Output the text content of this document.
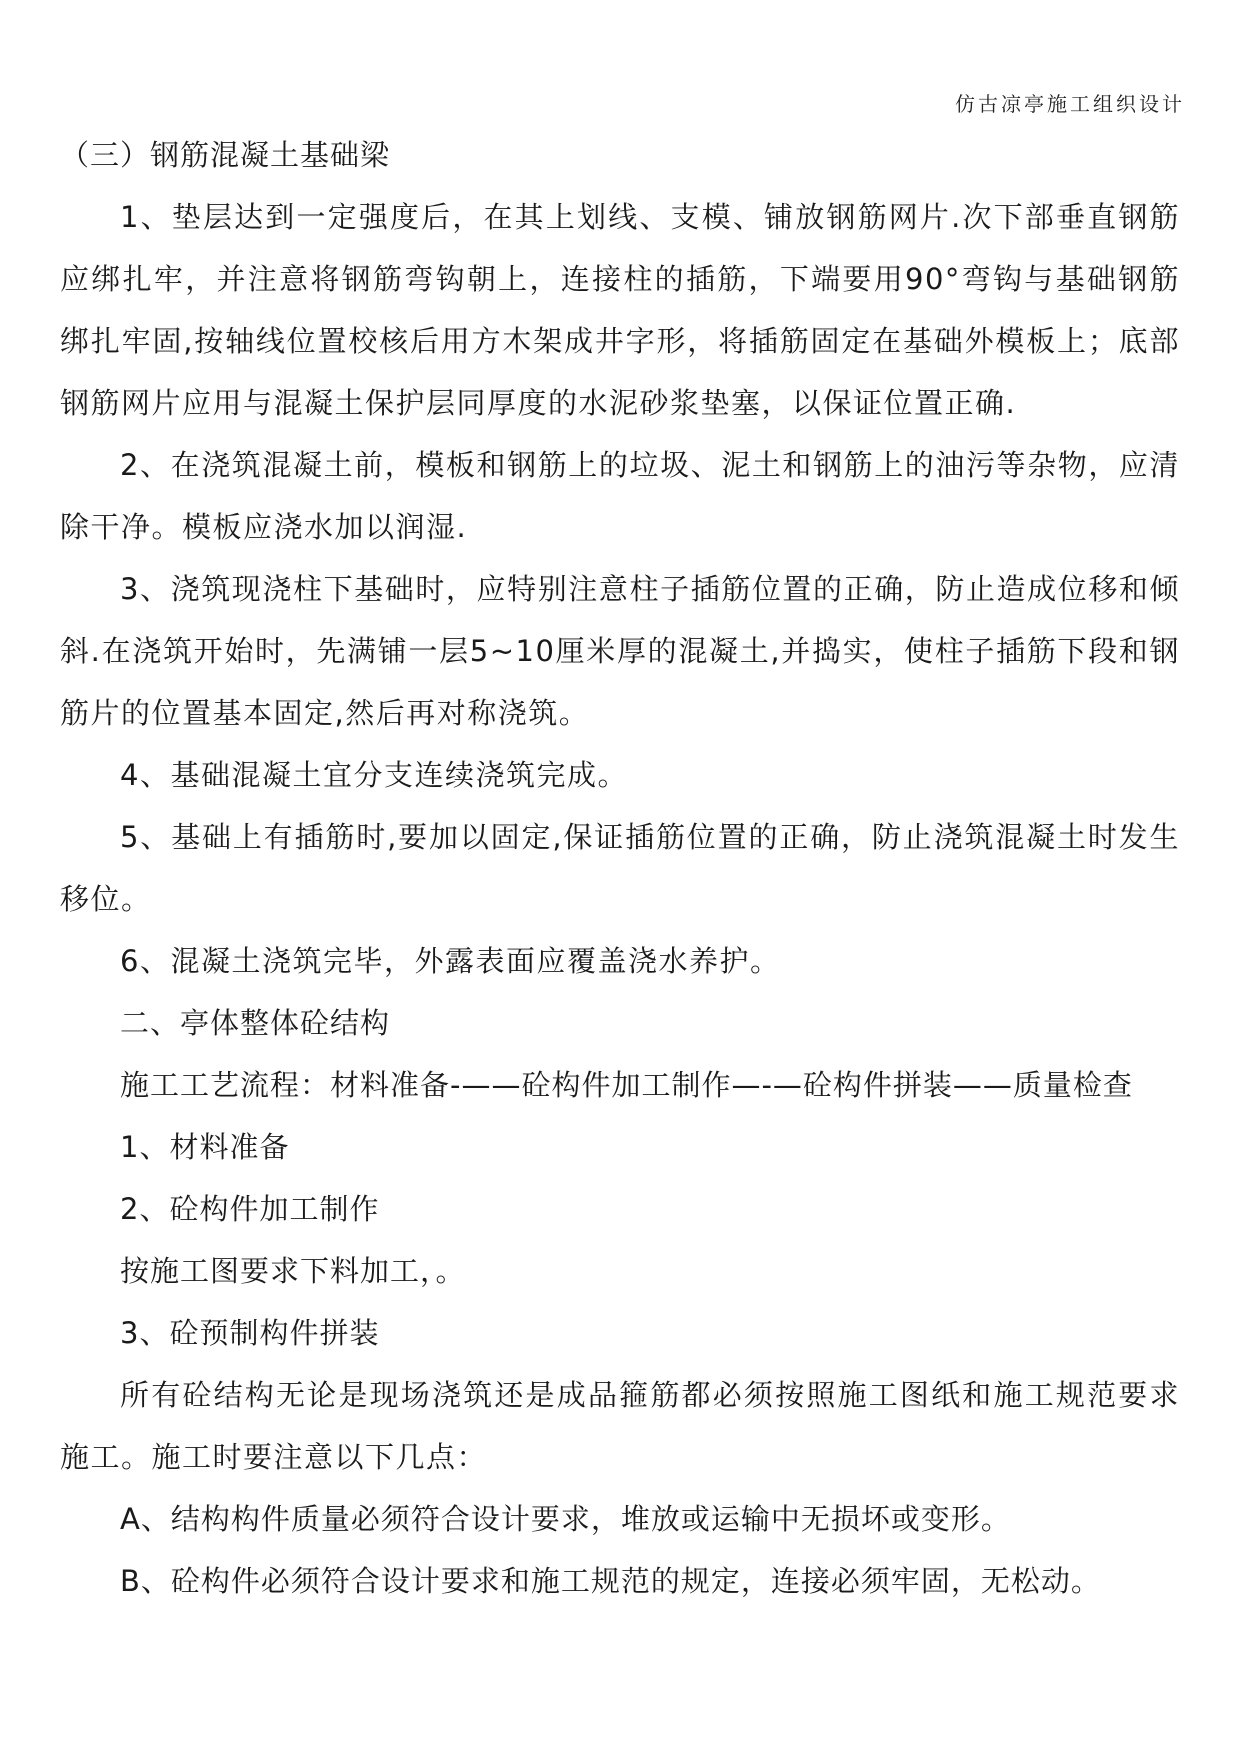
仿古凉亭施工组织设计

（三）钢筋混凝土基础梁

1、垫层达到一定强度后，在其上划线、支模、铺放钢筋网片.次下部垂直钢筋应绑扎牢，并注意将钢筋弯钩朝上，连接柱的插筋，下端要用90°弯钩与基础钢筋绑扎牢固,按轴线位置校核后用方木架成井字形，将插筋固定在基础外模板上；底部钢筋网片应用与混凝土保护层同厚度的水泥砂浆垫塞，以保证位置正确.

2、在浇筑混凝土前，模板和钢筋上的垃圾、泥土和钢筋上的油污等杂物，应清除干净。模板应浇水加以润湿.

3、浇筑现浇柱下基础时，应特别注意柱子插筋位置的正确，防止造成位移和倾斜.在浇筑开始时，先满铺一层5~10厘米厚的混凝土,并捣实，使柱子插筋下段和钢筋片的位置基本固定,然后再对称浇筑。

4、基础混凝土宜分支连续浇筑完成。

5、基础上有插筋时,要加以固定,保证插筋位置的正确，防止浇筑混凝土时发生移位。

6、混凝土浇筑完毕，外露表面应覆盖浇水养护。

二、亭体整体砼结构

施工工艺流程：材料准备-——砼构件加工制作—-—砼构件拼装——质量检查

1、材料准备

2、砼构件加工制作

按施工图要求下料加工，。

3、砼预制构件拼装

所有砼结构无论是现场浇筑还是成品箍筋都必须按照施工图纸和施工规范要求施工。施工时要注意以下几点：

A、结构构件质量必须符合设计要求，堆放或运输中无损坏或变形。

B、砼构件必须符合设计要求和施工规范的规定，连接必须牢固，无松动。
